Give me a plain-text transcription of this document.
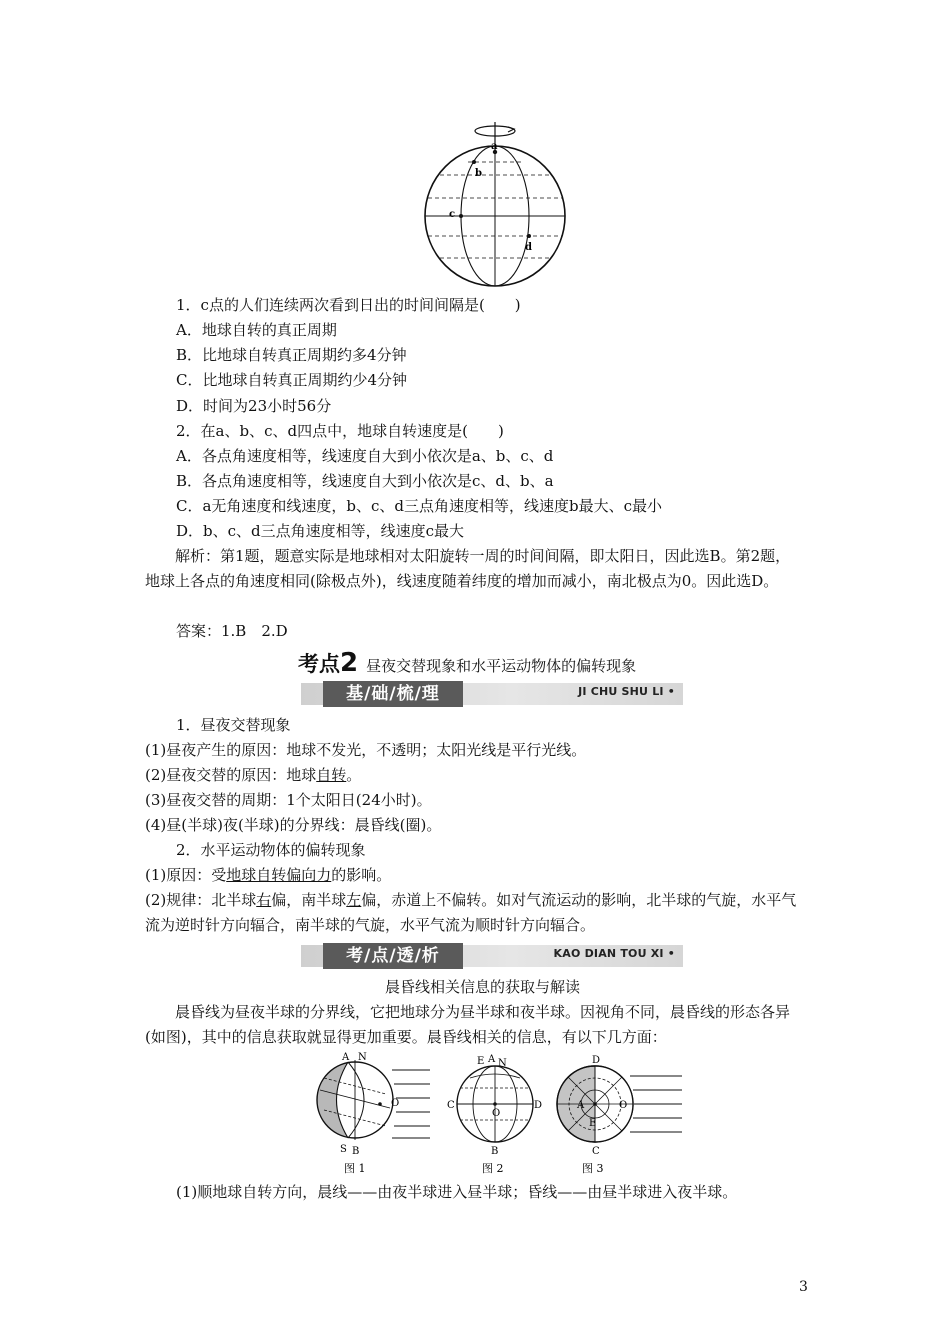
a
b
c
d
1．c点的人们连续两次看到日出的时间间隔是(　　)
A．地球自转的真正周期
B．比地球自转真正周期约多4分钟
C．比地球自转真正周期约少4分钟
D．时间为23小时56分
2．在a、b、c、d四点中，地球自转速度是(　　)
A．各点角速度相等，线速度自大到小依次是a、b、c、d
B．各点角速度相等，线速度自大到小依次是c、d、b、a
C．a无角速度和线速度，b、c、d三点角速度相等，线速度b最大、c最小
D．b、c、d三点角速度相等，线速度c最大
解析：第1题，题意实际是地球相对太阳旋转一周的时间间隔，即太阳日，因此选B。第2题，地球上各点的角速度相同(除极点外)，线速度随着纬度的增加而减小，南北极点为0。因此选D。
答案：1.B　2.D
考点2 昼夜交替现象和水平运动物体的偏转现象
基/础/梳/理	JI CHU SHU LI •
1．昼夜交替现象
(1)昼夜产生的原因：地球不发光，不透明；太阳光线是平行光线。
(2)昼夜交替的原因：地球自转。
(3)昼夜交替的周期：1个太阳日(24小时)。
(4)昼(半球)夜(半球)的分界线：晨昏线(圈)。
2．水平运动物体的偏转现象
(1)原因：受地球自转偏向力的影响。
(2)规律：北半球右偏，南半球左偏，赤道上不偏转。如对气流运动的影响，北半球的气旋，水平气流为逆时针方向辐合，南半球的气旋，水平气流为顺时针方向辐合。
考/点/透/析	KAO DIAN TOU XI •
晨昏线相关信息的获取与解读
晨昏线为昼夜半球的分界线，它把地球分为昼半球和夜半球。因视角不同，晨昏线的形态各异(如图)，其中的信息获取就显得更加重要。晨昏线相关的信息，有以下几方面：
N
A
O
S B
图 1
E A N
C
O
D
B
图 2
D
A	O
E
C
图 3
(1)顺地球自转方向，晨线——由夜半球进入昼半球；昏线——由昼半球进入夜半球。
3
